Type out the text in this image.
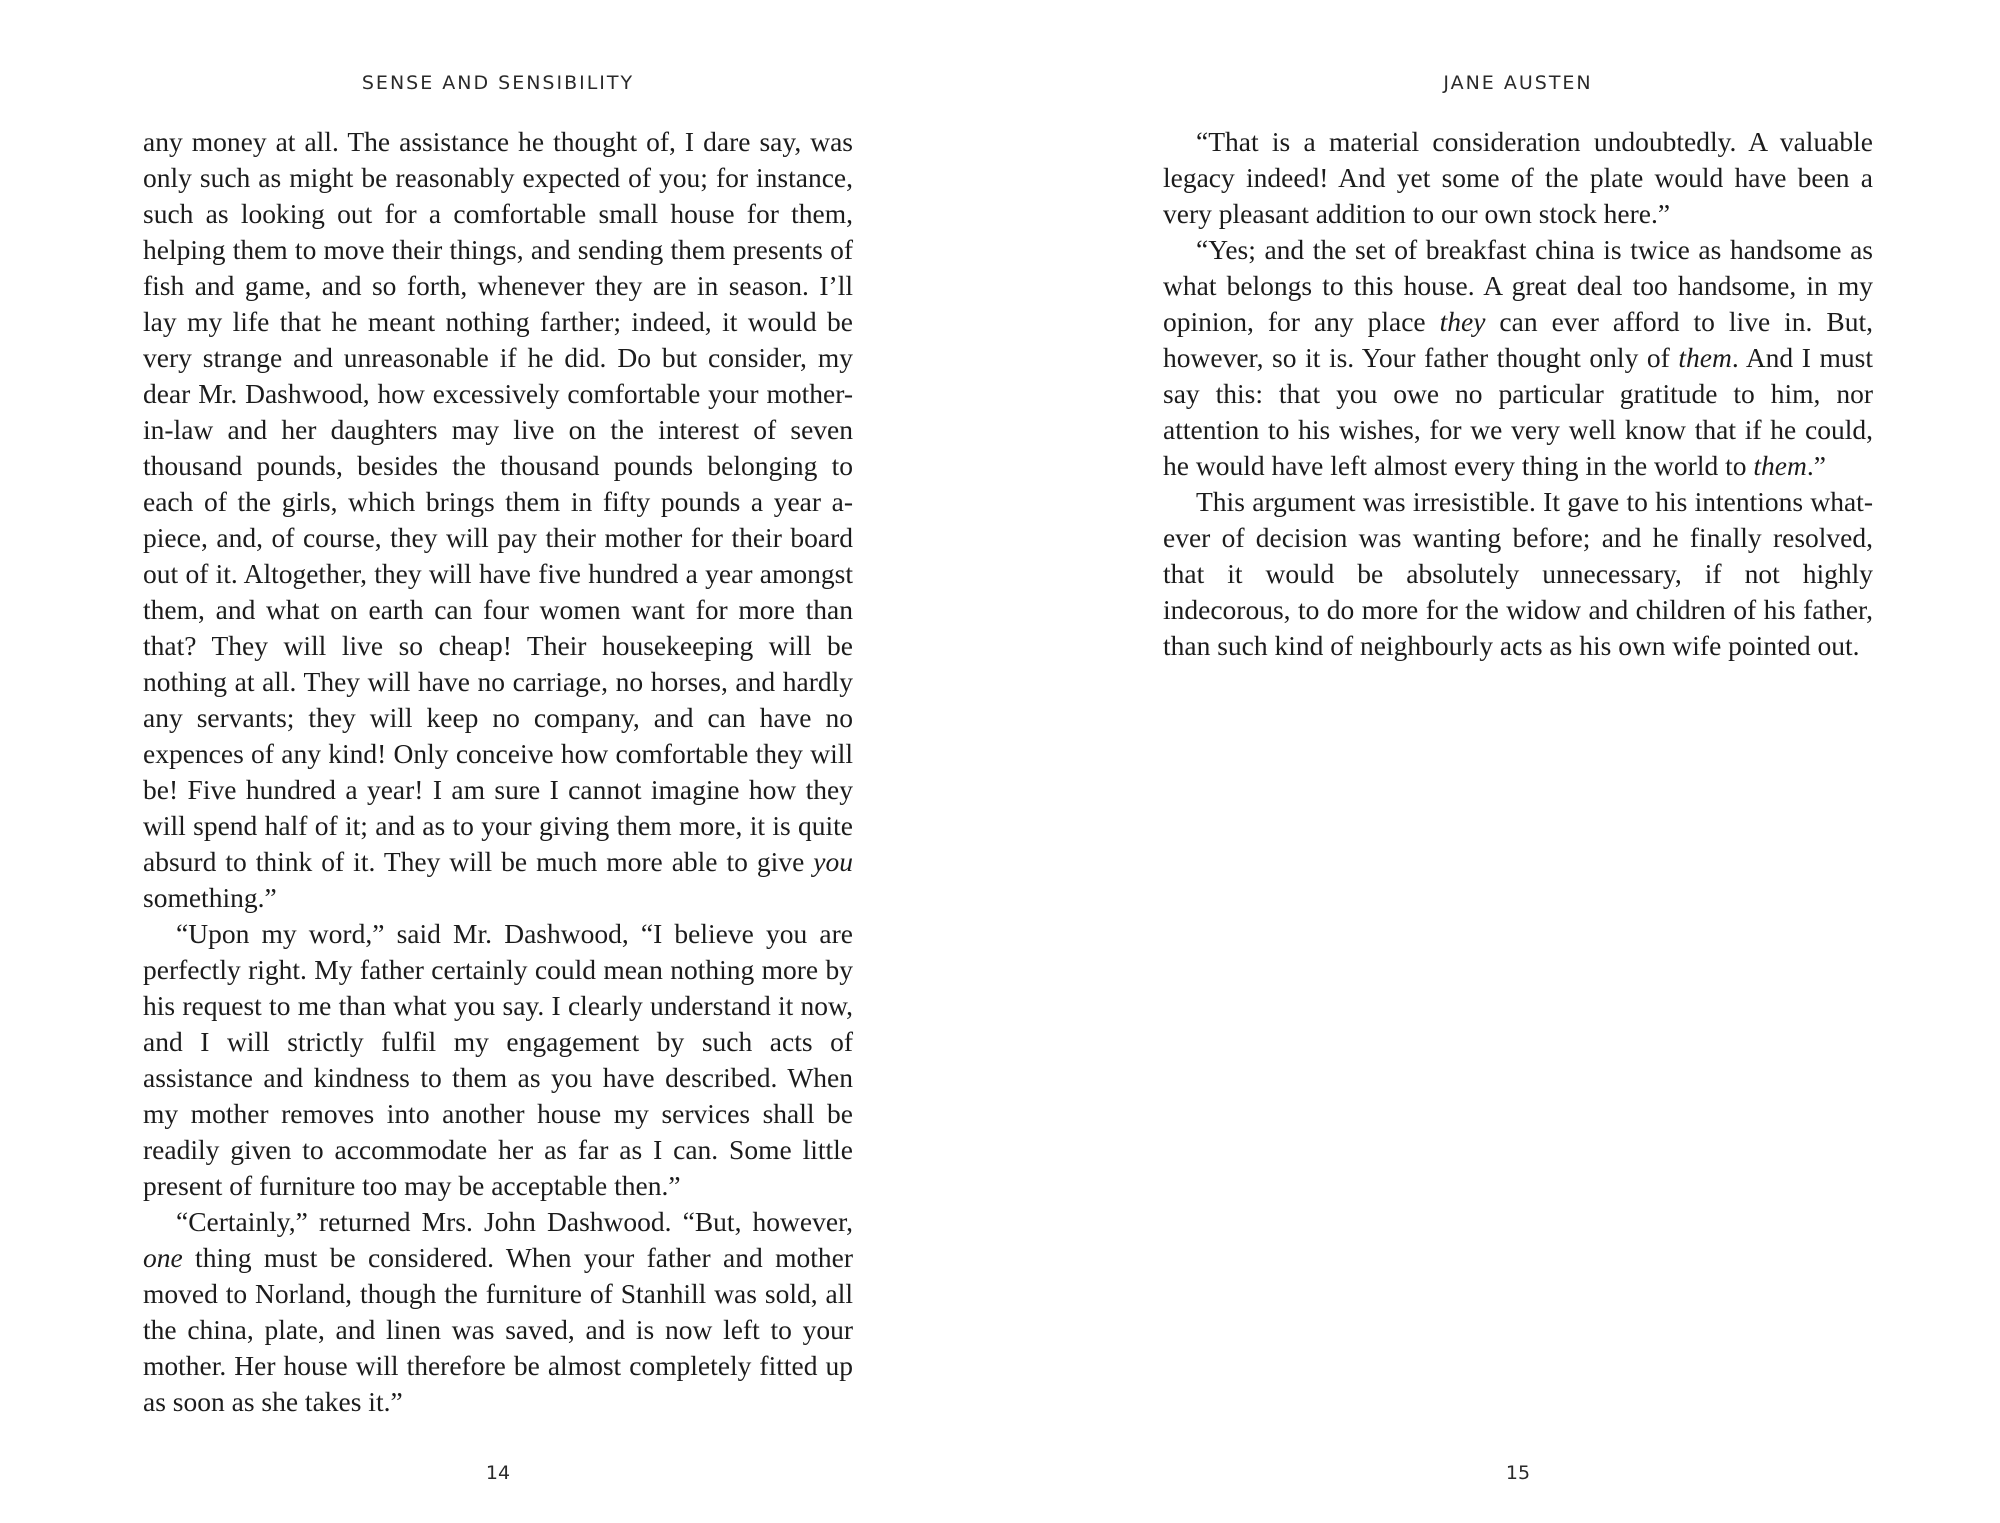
SENSE AND SENSIBILITY

any money at all. The assistance he thought of, I dare say, was only such as might be reasonably expected of you; for instance, such as looking out for a comfortable small house for them, helping them to move their things, and sending them presents of fish and game, and so forth, whenever they are in season. I’ll lay my life that he meant nothing farther; indeed, it would be very strange and unreasonable if he did. Do but consider, my dear Mr. Dashwood, how excessively comfortable your mother-in-law and her daughters may live on the interest of seven thousand pounds, besides the thousand pounds belonging to each of the girls, which brings them in fifty pounds a year a-piece, and, of course, they will pay their mother for their board out of it. Altogether, they will have five hundred a year amongst them, and what on earth can four women want for more than that? They will live so cheap! Their housekeeping will be nothing at all. They will have no carriage, no horses, and hardly any servants; they will keep no company, and can have no expences of any kind! Only conceive how comfortable they will be! Five hundred a year! I am sure I cannot imagine how they will spend half of it; and as to your giving them more, it is quite absurd to think of it. They will be much more able to give you something.”

“Upon my word,” said Mr. Dashwood, “I believe you are perfectly right. My father certainly could mean nothing more by his request to me than what you say. I clearly understand it now, and I will strictly fulfil my engagement by such acts of assistance and kindness to them as you have described. When my mother removes into another house my services shall be readily given to accommodate her as far as I can. Some little present of furniture too may be acceptable then.”

“Certainly,” returned Mrs. John Dashwood. “But, however, one thing must be considered. When your father and mother moved to Norland, though the furniture of Stanhill was sold, all the china, plate, and linen was saved, and is now left to your mother. Her house will therefore be almost completely fitted up as soon as she takes it.”

14
JANE AUSTEN

“That is a material consideration undoubtedly. A valuable legacy indeed! And yet some of the plate would have been a very pleasant addition to our own stock here.”

“Yes; and the set of breakfast china is twice as handsome as what belongs to this house. A great deal too handsome, in my opinion, for any place they can ever afford to live in. But, however, so it is. Your father thought only of them. And I must say this: that you owe no particular gratitude to him, nor attention to his wishes, for we very well know that if he could, he would have left almost every thing in the world to them.”

This argument was irresistible. It gave to his intentions whatever of decision was wanting before; and he finally resolved, that it would be absolutely unnecessary, if not highly indecorous, to do more for the widow and children of his father, than such kind of neighbourly acts as his own wife pointed out.

15
